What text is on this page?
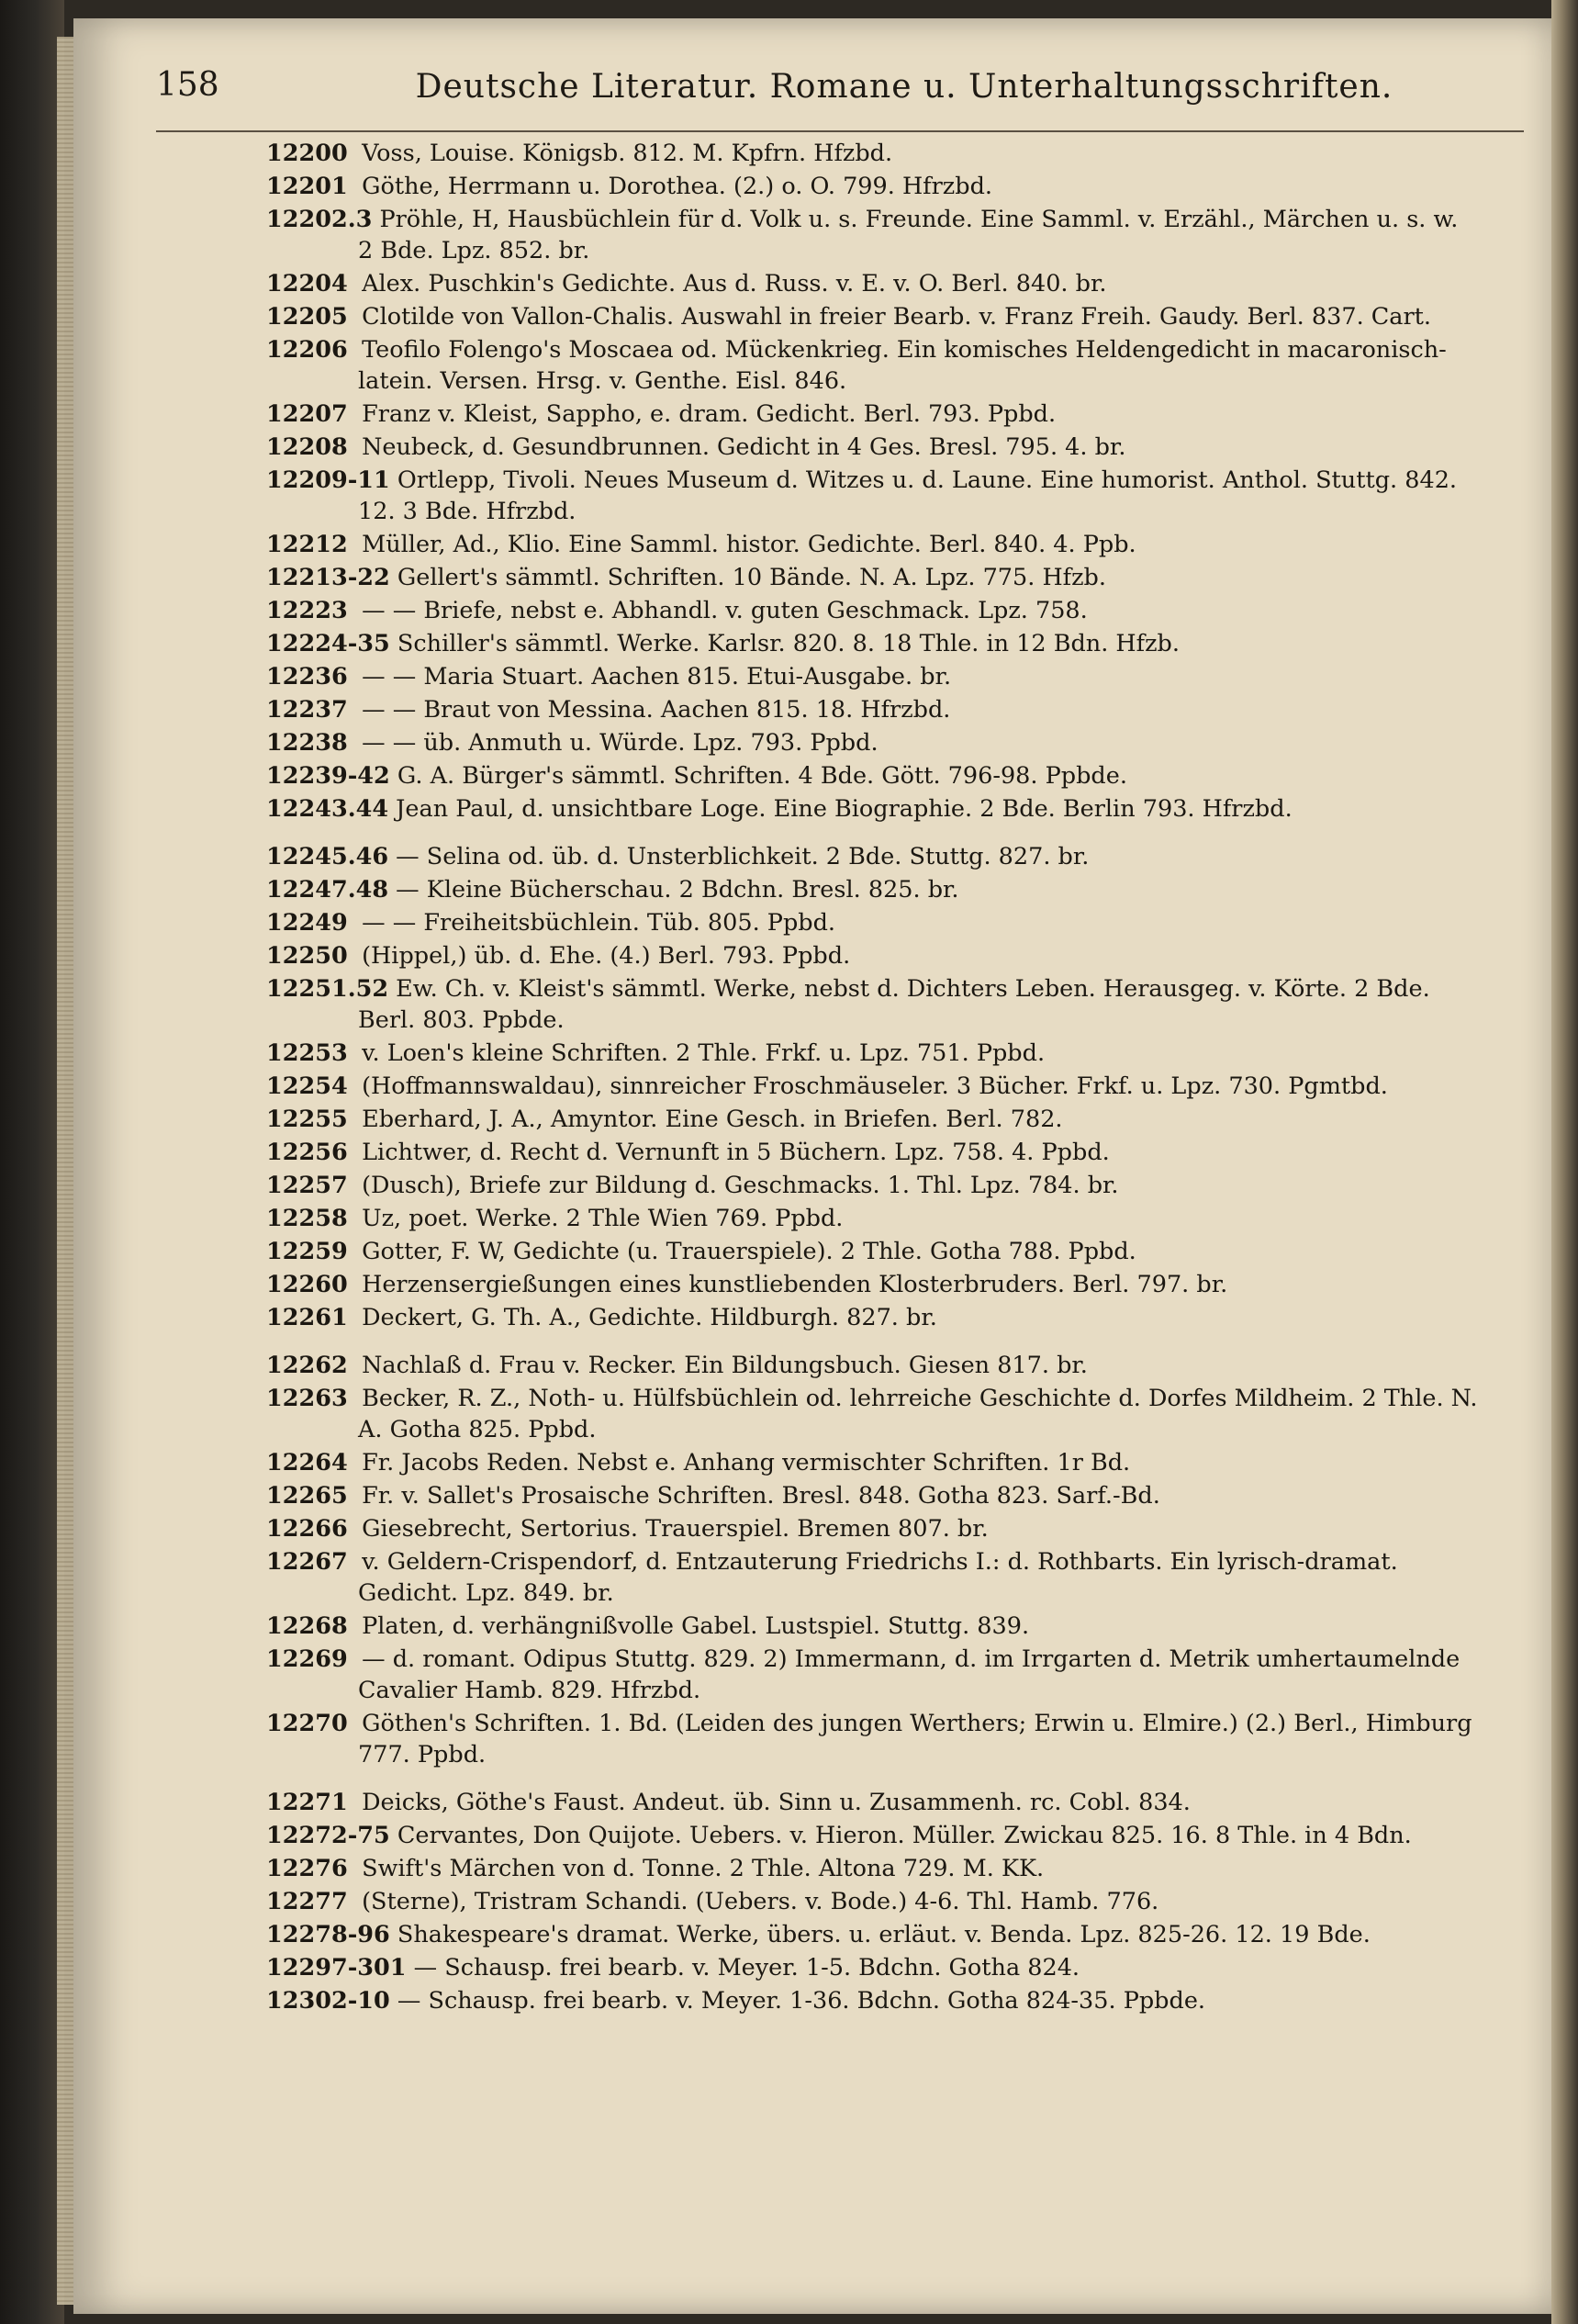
158	Deutsche Literatur. Romane u. Unterhaltungsschriften.
12200 Voss, Louise. Königsb. 812. M. Kpfrn. Hfzbd.
12201 Göthe, Herrmann u. Dorothea. (2.) o. O. 799. Hfrzbd.
12202.3 Pröhle, H, Hausbüchlein für d. Volk u. s. Freunde. Eine Samml. v. Erzähl., Märchen u. s. w. 2 Bde. Lpz. 852. br.
12204 Alex. Puschkin's Gedichte. Aus d. Russ. v. E. v. O. Berl. 840. br.
12205 Clotilde von Vallon-Chalis. Auswahl in freier Bearb. v. Franz Freih. Gaudy. Berl. 837. Cart.
12206 Teofilo Folengo's Moscaea od. Mückenkrieg. Ein komisches Heldengedicht in macaronisch-latein. Versen. Hrsg. v. Genthe. Eisl. 846.
12207 Franz v. Kleist, Sappho, e. dram. Gedicht. Berl. 793. Ppbd.
12208 Neubeck, d. Gesundbrunnen. Gedicht in 4 Ges. Bresl. 795. 4. br.
12209-11 Ortlepp, Tivoli. Neues Museum d. Witzes u. d. Laune. Eine humorist. Anthol. Stuttg. 842. 12. 3 Bde. Hfrzbd.
12212 Müller, Ad., Klio. Eine Samml. histor. Gedichte. Berl. 840. 4. Ppb.
12213-22 Gellert's sämmtl. Schriften. 10 Bände. N. A. Lpz. 775. Hfzb.
12223 — — Briefe, nebst e. Abhandl. v. guten Geschmack. Lpz. 758.
12224-35 Schiller's sämmtl. Werke. Karlsr. 820. 8. 18 Thle. in 12 Bdn. Hfzb.
12236 — — Maria Stuart. Aachen 815. Etui-Ausgabe. br.
12237 — — Braut von Messina. Aachen 815. 18. Hfrzbd.
12238 — — üb. Anmuth u. Würde. Lpz. 793. Ppbd.
12239-42 G. A. Bürger's sämmtl. Schriften. 4 Bde. Gött. 796-98. Ppbde.
12243.44 Jean Paul, d. unsichtbare Loge. Eine Biographie. 2 Bde. Berlin 793. Hfrzbd.
12245.46 — Selina od. üb. d. Unsterblichkeit. 2 Bde. Stuttg. 827. br.
12247.48 — Kleine Bücherschau. 2 Bdchn. Bresl. 825. br.
12249 — — Freiheitsbüchlein. Tüb. 805. Ppbd.
12250 (Hippel,) üb. d. Ehe. (4.) Berl. 793. Ppbd.
12251.52 Ew. Ch. v. Kleist's sämmtl. Werke, nebst d. Dichters Leben. Herausgeg. v. Körte. 2 Bde. Berl. 803. Ppbde.
12253 v. Loen's kleine Schriften. 2 Thle. Frkf. u. Lpz. 751. Ppbd.
12254 (Hoffmannswaldau), sinnreicher Froschmäuseler. 3 Bücher. Frkf. u. Lpz. 730. Pgmtbd.
12255 Eberhard, J. A., Amyntor. Eine Gesch. in Briefen. Berl. 782.
12256 Lichtwer, d. Recht d. Vernunft in 5 Büchern. Lpz. 758. 4. Ppbd.
12257 (Dusch), Briefe zur Bildung d. Geschmacks. 1. Thl. Lpz. 784. br.
12258 Uz, poet. Werke. 2 Thle Wien 769. Ppbd.
12259 Gotter, F. W, Gedichte (u. Trauerspiele). 2 Thle. Gotha 788. Ppbd.
12260 Herzensergießungen eines kunstliebenden Klosterbruders. Berl. 797. br.
12261 Deckert, G. Th. A., Gedichte. Hildburgh. 827. br.
12262 Nachlaß d. Frau v. Recker. Ein Bildungsbuch. Giesen 817. br.
12263 Becker, R. Z., Noth- u. Hülfsbüchlein od. lehrreiche Geschichte d. Dorfes Mildheim. 2 Thle. N. A. Gotha 825. Ppbd.
12264 Fr. Jacobs Reden. Nebst e. Anhang vermischter Schriften. 1r Bd.
12265 Fr. v. Sallet's Prosaische Schriften. Bresl. 848. Gotha 823. Sarf.-Bd.
12266 Giesebrecht, Sertorius. Trauerspiel. Bremen 807. br.
12267 v. Geldern-Crispendorf, d. Entzauterung Friedrichs I.: d. Rothbarts. Ein lyrisch-dramat. Gedicht. Lpz. 849. br.
12268 Platen, d. verhängnißvolle Gabel. Lustspiel. Stuttg. 839.
12269 — d. romant. Odipus Stuttg. 829. 2) Immermann, d. im Irrgarten d. Metrik umhertaumelnde Cavalier Hamb. 829. Hfrzbd.
12270 Göthen's Schriften. 1. Bd. (Leiden des jungen Werthers; Erwin u. Elmire.) (2.) Berl., Himburg 777. Ppbd.
12271 Deicks, Göthe's Faust. Andeut. üb. Sinn u. Zusammenh. rc. Cobl. 834.
12272-75 Cervantes, Don Quijote. Uebers. v. Hieron. Müller. Zwickau 825. 16. 8 Thle. in 4 Bdn.
12276 Swift's Märchen von d. Tonne. 2 Thle. Altona 729. M. KK.
12277 (Sterne), Tristram Schandi. (Uebers. v. Bode.) 4-6. Thl. Hamb. 776.
12278-96 Shakespeare's dramat. Werke, übers. u. erläut. v. Benda. Lpz. 825-26. 12. 19 Bde.
12297-301 — Schausp. frei bearb. v. Meyer. 1-5. Bdchn. Gotha 824.
12302-10 — Schausp. frei bearb. v. Meyer. 1-36. Bdchn. Gotha 824-35. Ppbde.
